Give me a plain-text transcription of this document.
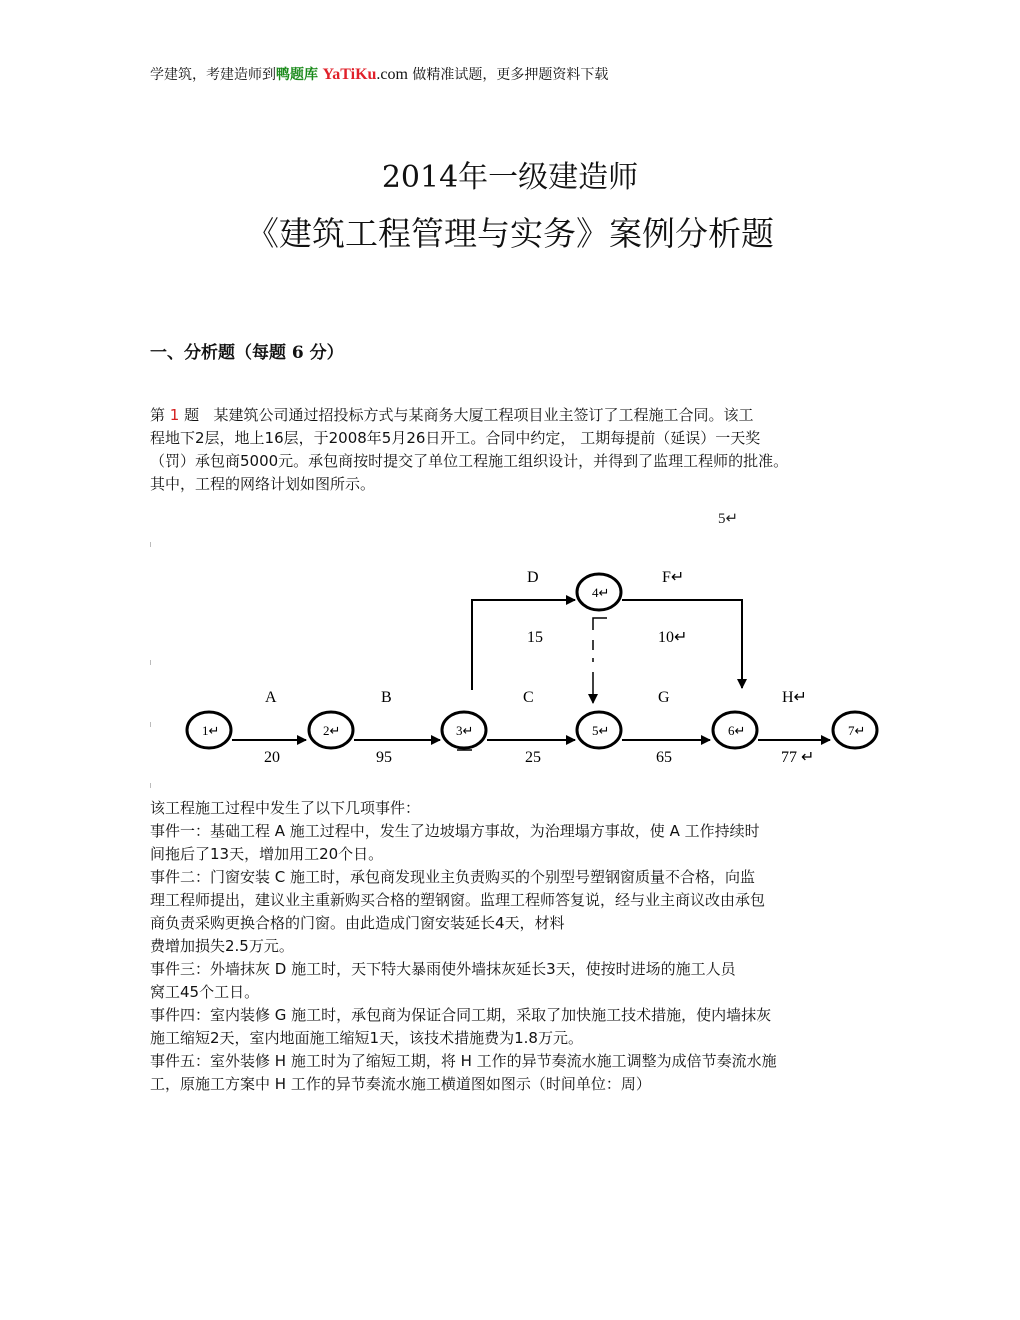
学建筑，考建造师到鸭题库 YaTiKu.com 做精准试题，更多押题资料下载
2014年一级建造师
《建筑工程管理与实务》案例分析题
一、分析题（每题 6 分）
第 1 题 某建筑公司通过招投标方式与某商务大厦工程项目业主签订了工程施工合同。该工
程地下2层，地上16层，于2008年5月26日开工。合同中约定， 工期每提前（延误）一天奖
（罚）承包商5000元。承包商按时提交了单位工程施工组织设计，并得到了监理工程师的批准。
其中，工程的网络计划如图所示。
5↵
1↵	2↵	3↵
4↵
5↵	6↵	7↵
A
20
B
95
C
25
D
15
F↵
10↵
G
65
H↵
77 ↵
该工程施工过程中发生了以下几项事件：
事件一：基础工程 A 施工过程中，发生了边坡塌方事故，为治理塌方事故，使 A 工作持续时
间拖后了13天，增加用工20个日。
事件二：门窗安装 C 施工时，承包商发现业主负责购买的个别型号塑钢窗质量不合格，向监
理工程师提出，建议业主重新购买合格的塑钢窗。监理工程师答复说，经与业主商议改由承包
商负责采购更换合格的门窗。由此造成门窗安装延长4天，材料
费增加损失2.5万元。
事件三：外墙抹灰 D 施工时，天下特大暴雨使外墙抹灰延长3天，使按时进场的施工人员
窝工45个工日。
事件四：室内装修 G 施工时，承包商为保证合同工期，采取了加快施工技术措施，使内墙抹灰
施工缩短2天，室内地面施工缩短1天，该技术措施费为1.8万元。
事件五：室外装修 H 施工时为了缩短工期，将 H 工作的异节奏流水施工调整为成倍节奏流水施
工，原施工方案中 H 工作的异节奏流水施工横道图如图示（时间单位：周）
